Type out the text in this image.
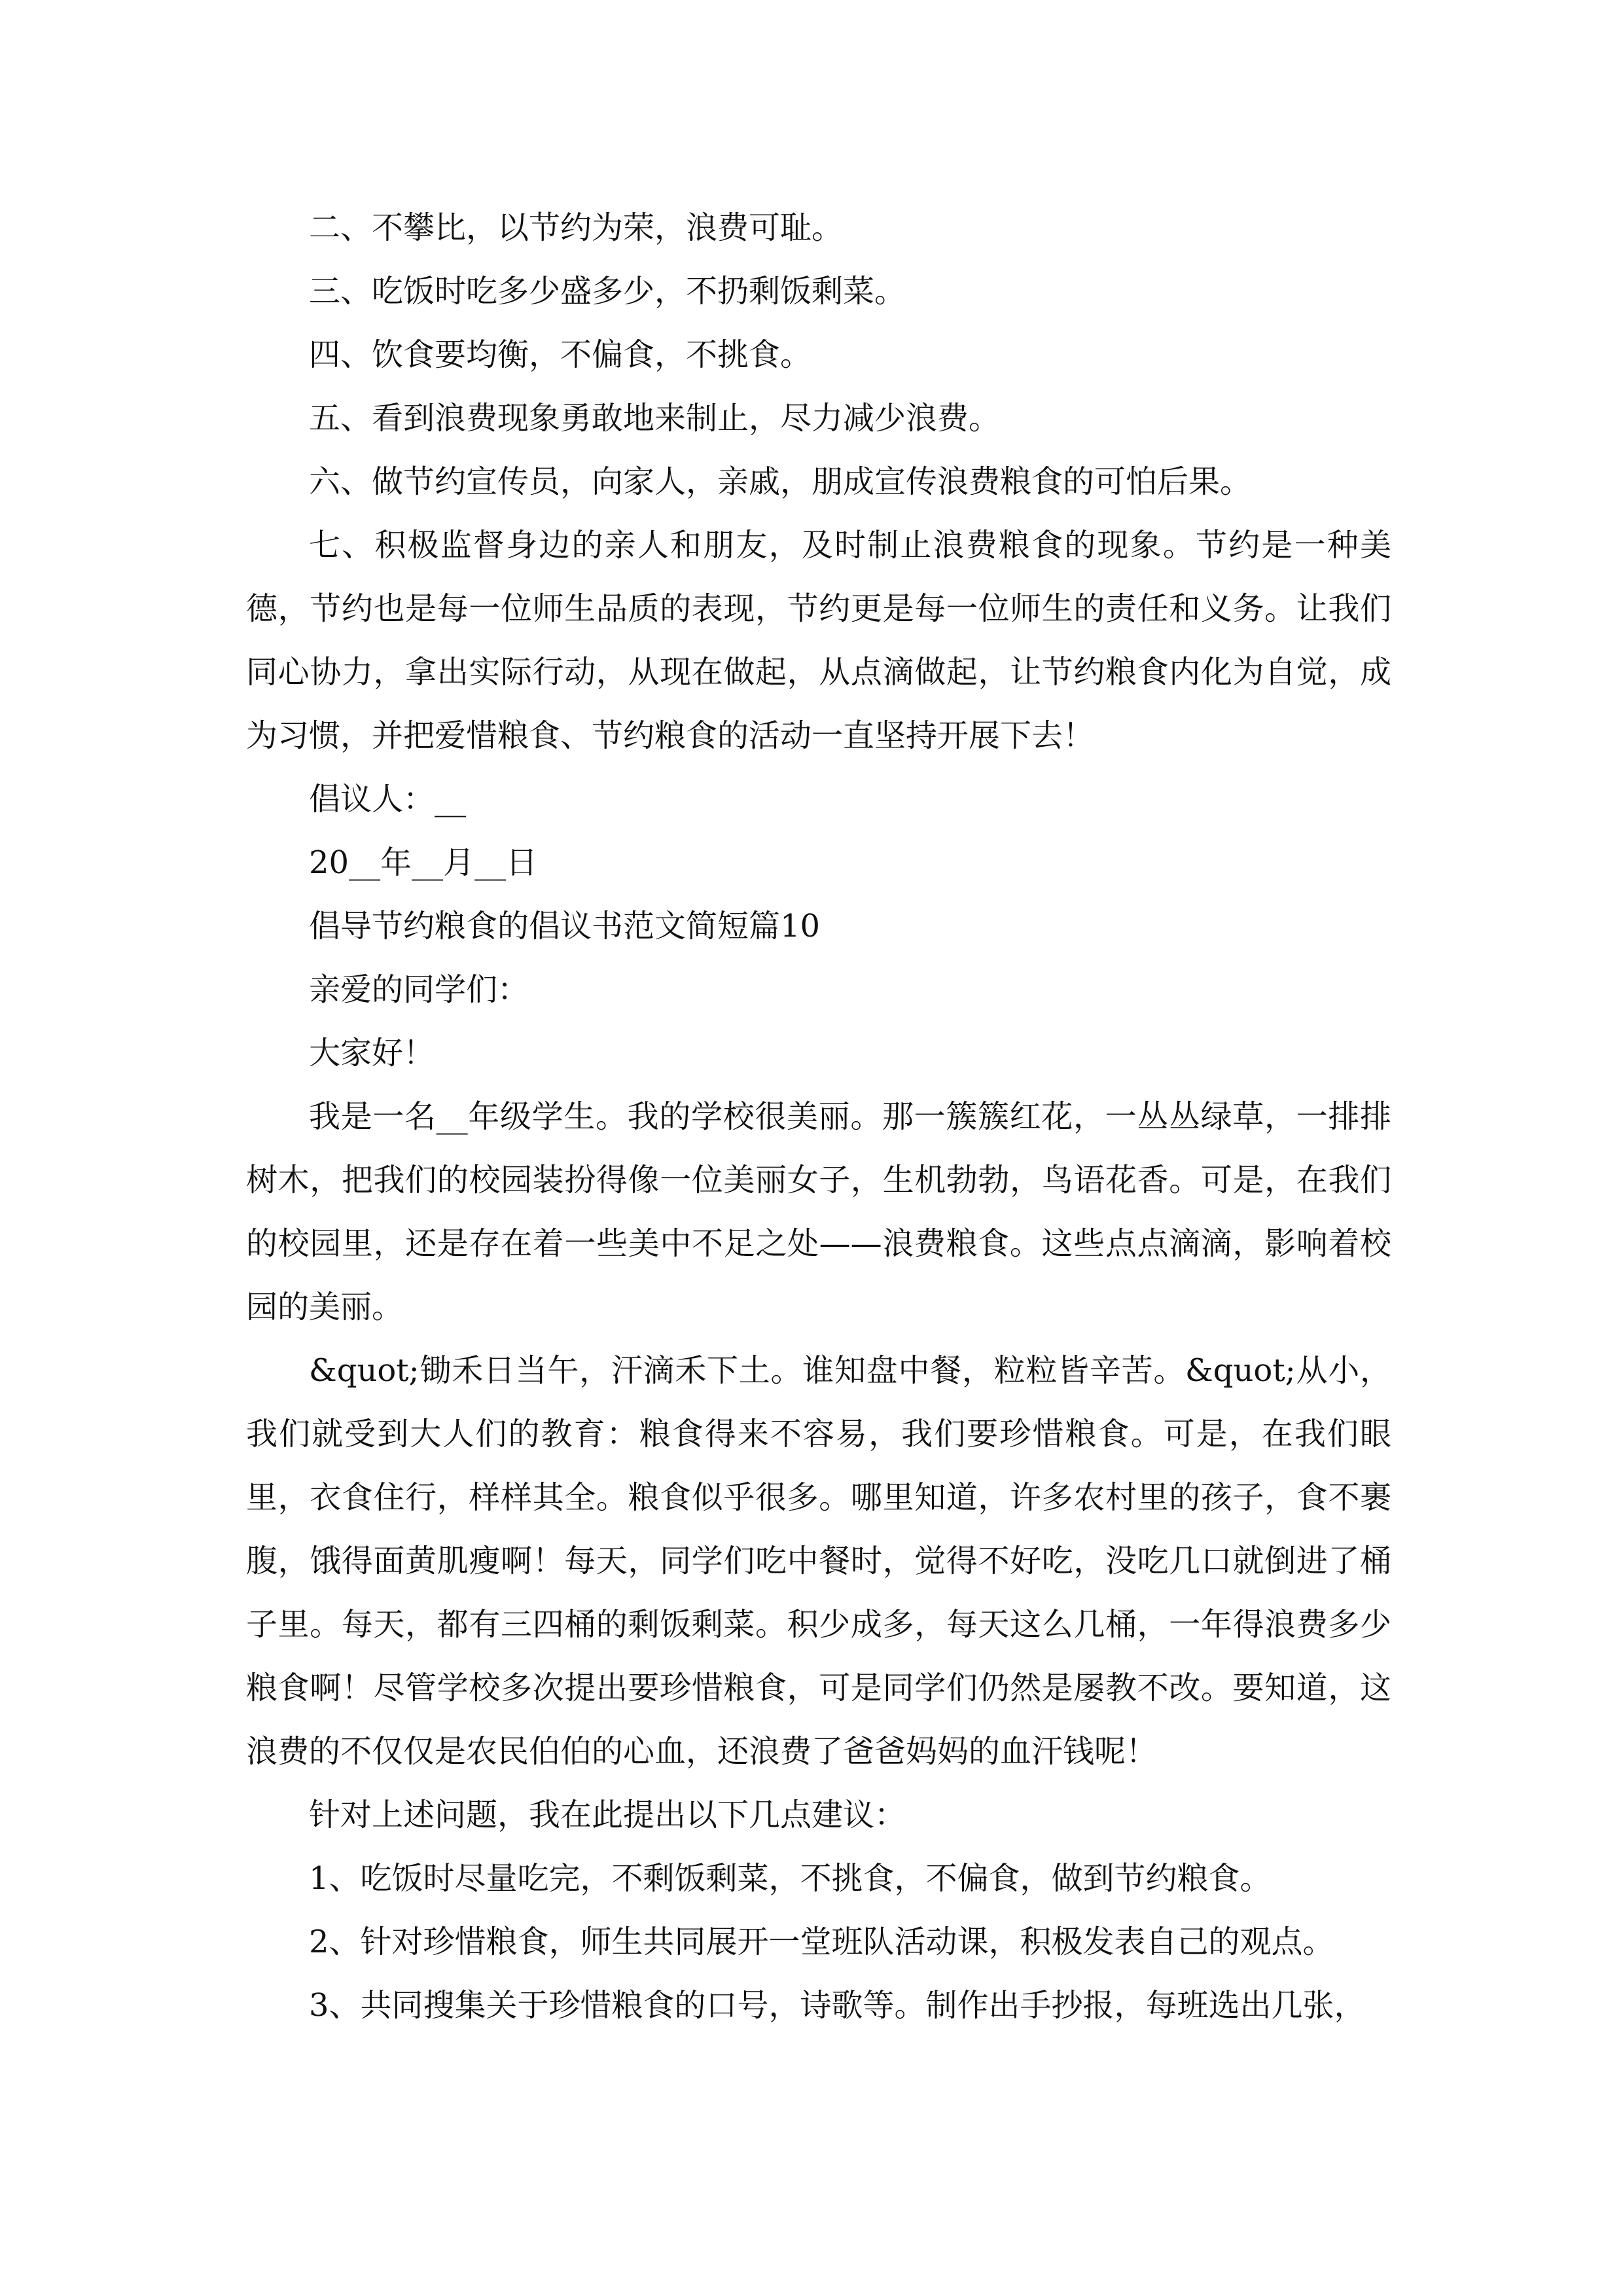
二、不攀比，以节约为荣，浪费可耻。

三、吃饭时吃多少盛多少，不扔剩饭剩菜。

四、饮食要均衡，不偏食，不挑食。

五、看到浪费现象勇敢地来制止，尽力减少浪费。

六、做节约宣传员，向家人，亲戚，朋成宣传浪费粮食的可怕后果。

七、积极监督身边的亲人和朋友，及时制止浪费粮食的现象。节约是一种美德，节约也是每一位师生品质的表现，节约更是每一位师生的责任和义务。让我们同心协力，拿出实际行动，从现在做起，从点滴做起，让节约粮食内化为自觉，成为习惯，并把爱惜粮食、节约粮食的活动一直坚持开展下去！

倡议人：__

20__年__月__日

倡导节约粮食的倡议书范文简短篇10

亲爱的同学们：

大家好！

我是一名__年级学生。我的学校很美丽。那一簇簇红花，一丛丛绿草，一排排树木，把我们的校园装扮得像一位美丽女子，生机勃勃，鸟语花香。可是，在我们的校园里，还是存在着一些美中不足之处——浪费粮食。这些点点滴滴，影响着校园的美丽。

&quot;锄禾日当午，汗滴禾下土。谁知盘中餐，粒粒皆辛苦。&quot;从小，我们就受到大人们的教育：粮食得来不容易，我们要珍惜粮食。可是，在我们眼里，衣食住行，样样其全。粮食似乎很多。哪里知道，许多农村里的孩子，食不裹腹，饿得面黄肌瘦啊！每天，同学们吃中餐时，觉得不好吃，没吃几口就倒进了桶子里。每天，都有三四桶的剩饭剩菜。积少成多，每天这么几桶，一年得浪费多少粮食啊！尽管学校多次提出要珍惜粮食，可是同学们仍然是屡教不改。要知道，这浪费的不仅仅是农民伯伯的心血，还浪费了爸爸妈妈的血汗钱呢！

针对上述问题，我在此提出以下几点建议：

1、吃饭时尽量吃完，不剩饭剩菜，不挑食，不偏食，做到节约粮食。

2、针对珍惜粮食，师生共同展开一堂班队活动课，积极发表自己的观点。

3、共同搜集关于珍惜粮食的口号，诗歌等。制作出手抄报，每班选出几张，
